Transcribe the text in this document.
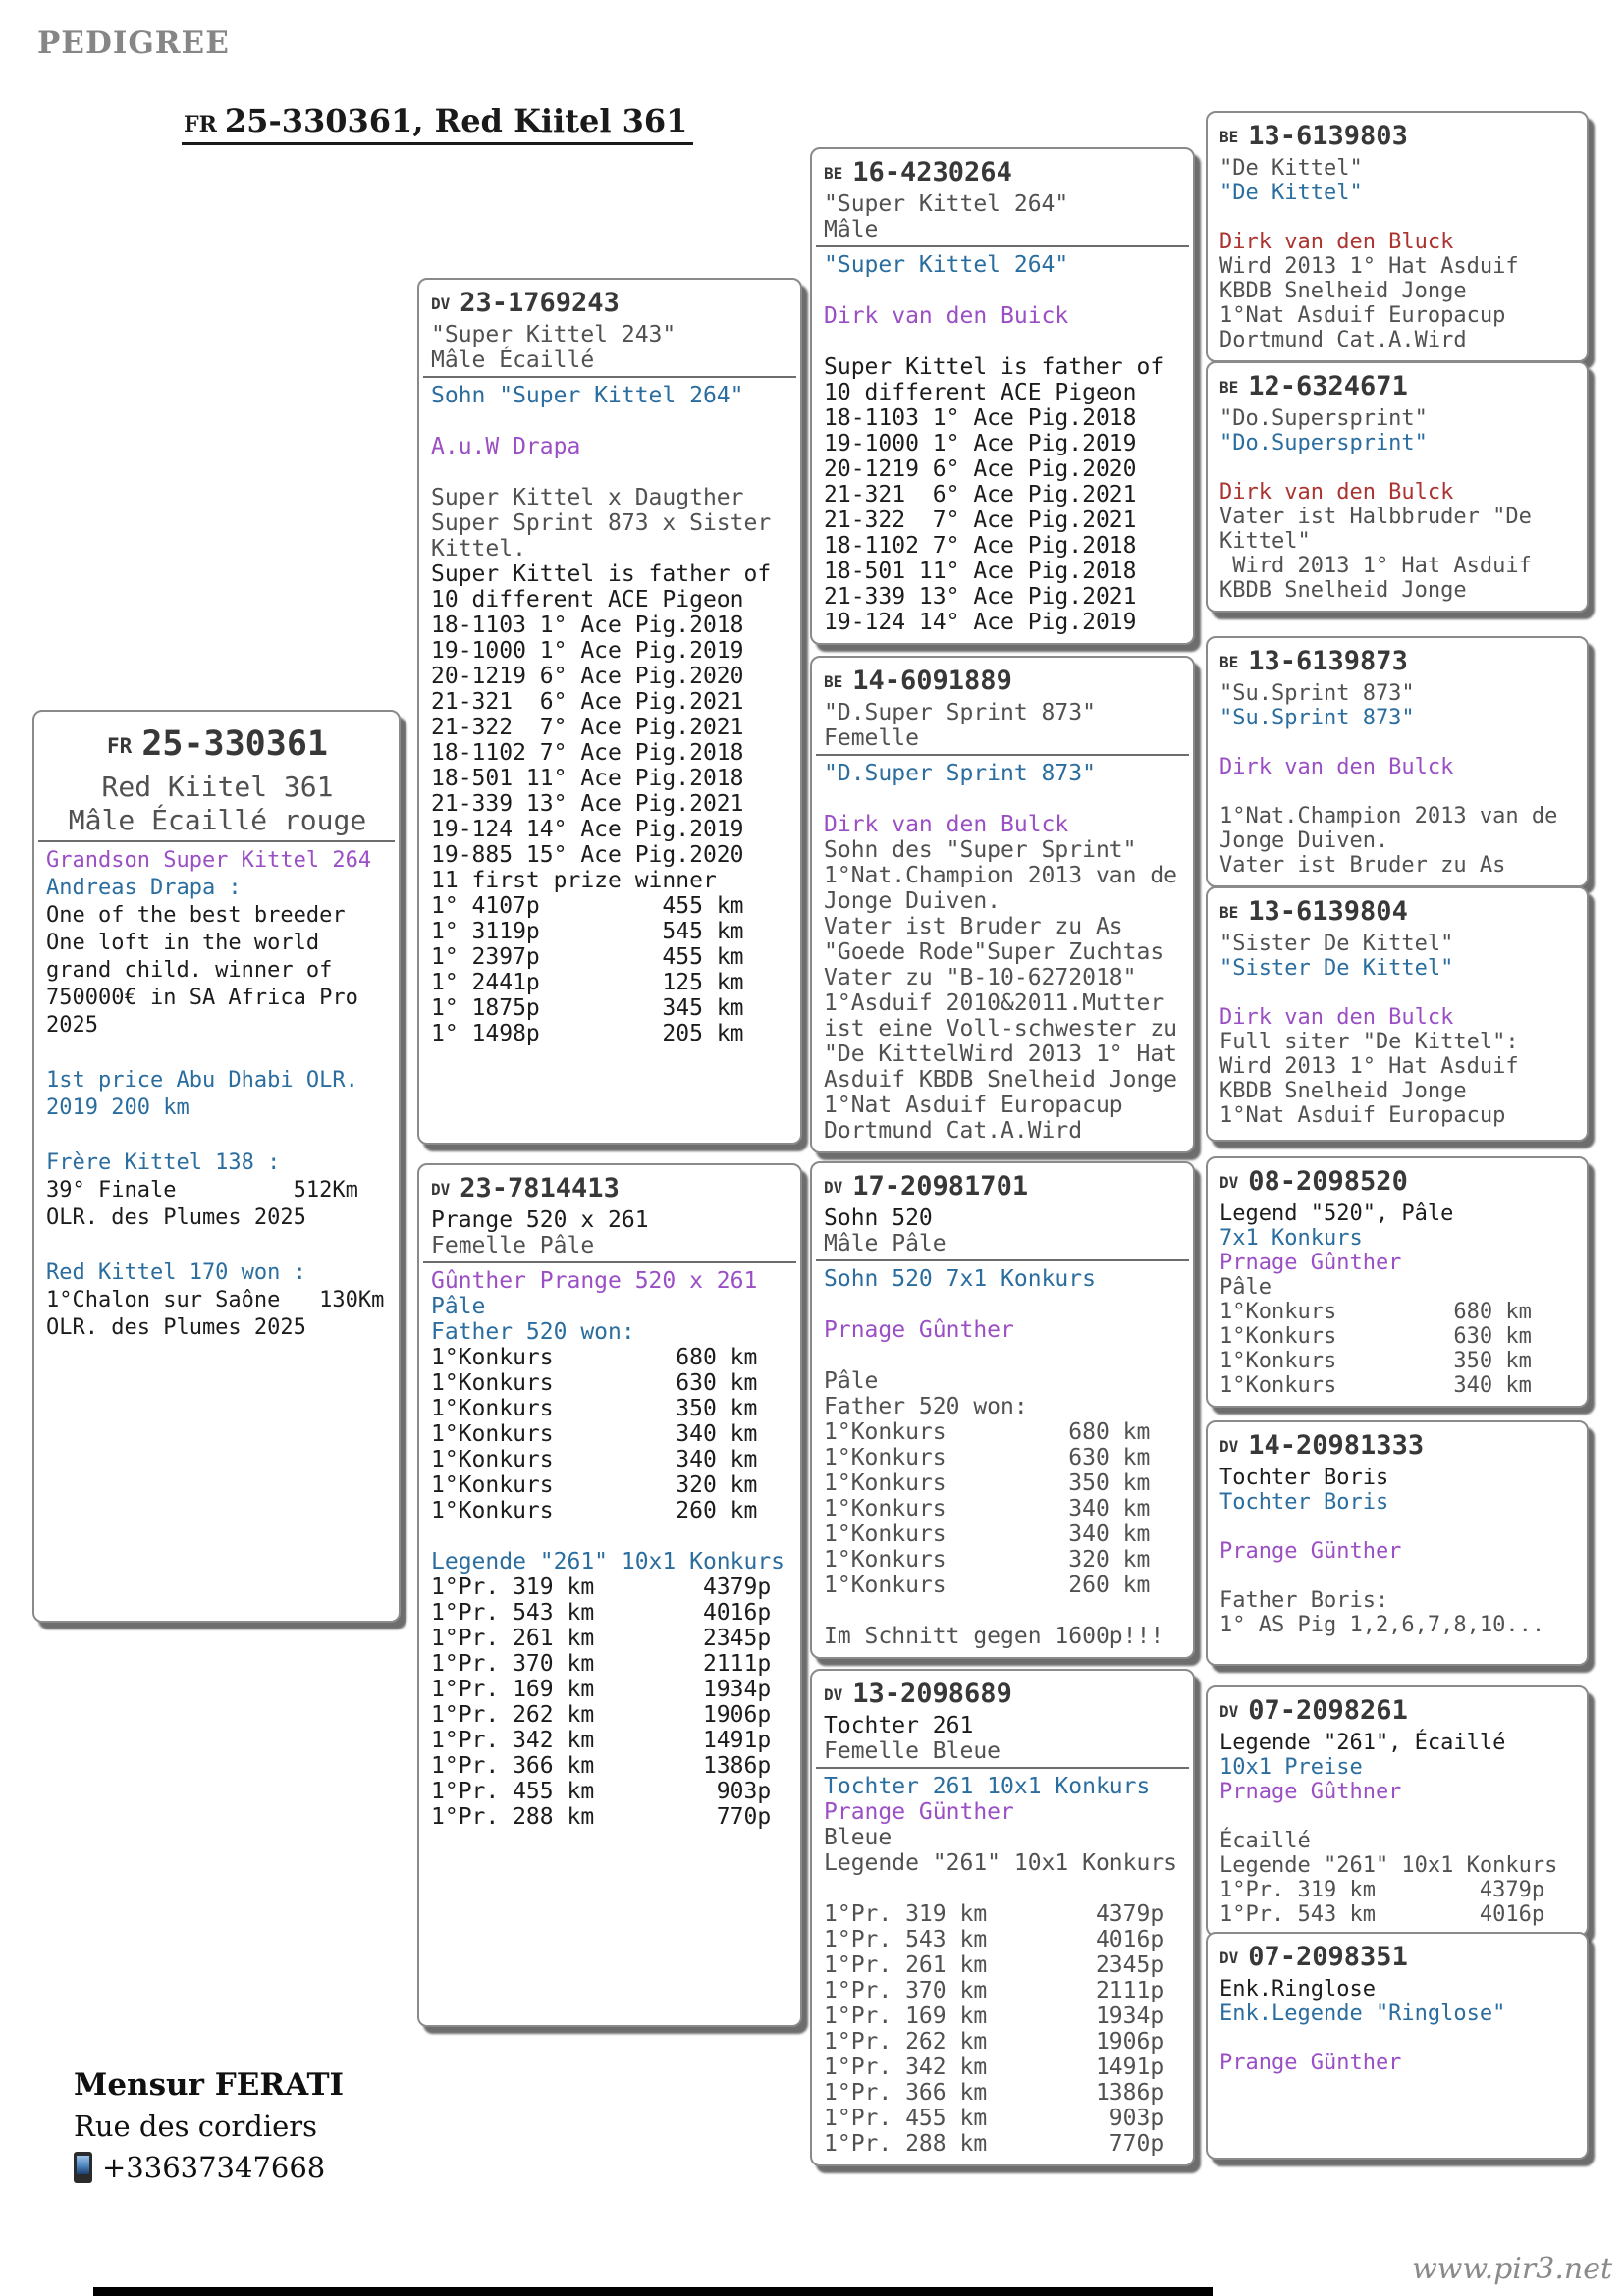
PEDIGREE
FR 25-330361, Red Kiitel 361
FR 25-330361
Red Kiitel 361
Mâle Écaillé rouge
Grandson Super Kittel 264
Andreas Drapa :
One of the best breeder
One loft in the world
grand child. winner of
750000€ in SA Africa Pro
2025

1st price Abu Dhabi OLR.
2019 200 km

Frère Kittel 138 :
39° Finale         512Km
OLR. des Plumes 2025

Red Kittel 170 won :
1°Chalon sur Saône   130Km
OLR. des Plumes 2025
DV 23-1769243
"Super Kittel 243"
Mâle Écaillé
Sohn "Super Kittel 264"

A.u.W Drapa

Super Kittel x Daugther
Super Sprint 873 x Sister
Kittel.
Super Kittel is father of
10 different ACE Pigeon
18-1103 1° Ace Pig.2018
19-1000 1° Ace Pig.2019
20-1219 6° Ace Pig.2020
21-321  6° Ace Pig.2021
21-322  7° Ace Pig.2021
18-1102 7° Ace Pig.2018
18-501 11° Ace Pig.2018
21-339 13° Ace Pig.2021
19-124 14° Ace Pig.2019
19-885 15° Ace Pig.2020
11 first prize winner
1° 4107p         455 km
1° 3119p         545 km
1° 2397p         455 km
1° 2441p         125 km
1° 1875p         345 km
1° 1498p         205 km
DV 23-7814413
Prange 520 x 261
Femelle Pâle
Gûnther Prange 520 x 261
Pâle
Father 520 won:
1°Konkurs         680 km
1°Konkurs         630 km
1°Konkurs         350 km
1°Konkurs         340 km
1°Konkurs         340 km
1°Konkurs         320 km
1°Konkurs         260 km

Legende "261" 10x1 Konkurs
1°Pr. 319 km        4379p
1°Pr. 543 km        4016p
1°Pr. 261 km        2345p
1°Pr. 370 km        2111p
1°Pr. 169 km        1934p
1°Pr. 262 km        1906p
1°Pr. 342 km        1491p
1°Pr. 366 km        1386p
1°Pr. 455 km         903p
1°Pr. 288 km         770p
BE 16-4230264
"Super Kittel 264"
Mâle
"Super Kittel 264"

Dirk van den Buick

Super Kittel is father of
10 different ACE Pigeon
18-1103 1° Ace Pig.2018
19-1000 1° Ace Pig.2019
20-1219 6° Ace Pig.2020
21-321  6° Ace Pig.2021
21-322  7° Ace Pig.2021
18-1102 7° Ace Pig.2018
18-501 11° Ace Pig.2018
21-339 13° Ace Pig.2021
19-124 14° Ace Pig.2019
BE 14-6091889
"D.Super Sprint 873"
Femelle
"D.Super Sprint 873"

Dirk van den Bulck
Sohn des "Super Sprint"
1°Nat.Champion 2013 van de
Jonge Duiven.
Vater ist Bruder zu As
"Goede Rode"Super Zuchtas
Vater zu "B-10-6272018"
1°Asduif 2010&2011.Mutter
ist eine Voll-schwester zu
"De KittelWird 2013 1° Hat
Asduif KBDB Snelheid Jonge
1°Nat Asduif Europacup
Dortmund Cat.A.Wird
DV 17-20981701
Sohn 520
Mâle Pâle
Sohn 520 7x1 Konkurs

Prnage Gûnther

Pâle
Father 520 won:
1°Konkurs         680 km
1°Konkurs         630 km
1°Konkurs         350 km
1°Konkurs         340 km
1°Konkurs         340 km
1°Konkurs         320 km
1°Konkurs         260 km

Im Schnitt gegen 1600p!!!
DV 13-2098689
Tochter 261
Femelle Bleue
Tochter 261 10x1 Konkurs
Prange Günther
Bleue
Legende "261" 10x1 Konkurs

1°Pr. 319 km        4379p
1°Pr. 543 km        4016p
1°Pr. 261 km        2345p
1°Pr. 370 km        2111p
1°Pr. 169 km        1934p
1°Pr. 262 km        1906p
1°Pr. 342 km        1491p
1°Pr. 366 km        1386p
1°Pr. 455 km         903p
1°Pr. 288 km         770p
BE 13-6139803
"De Kittel"
"De Kittel"

Dirk van den Bluck
Wird 2013 1° Hat Asduif
KBDB Snelheid Jonge
1°Nat Asduif Europacup
Dortmund Cat.A.Wird
BE 12-6324671
"Do.Supersprint"
"Do.Supersprint"

Dirk van den Bulck
Vater ist Halbbruder "De
Kittel"
Wird 2013 1° Hat Asduif
KBDB Snelheid Jonge
BE 13-6139873
"Su.Sprint 873"
"Su.Sprint 873"

Dirk van den Bulck

1°Nat.Champion 2013 van de
Jonge Duiven.
Vater ist Bruder zu As
BE 13-6139804
"Sister De Kittel"
"Sister De Kittel"

Dirk van den Bulck
Full siter "De Kittel":
Wird 2013 1° Hat Asduif
KBDB Snelheid Jonge
1°Nat Asduif Europacup
DV 08-2098520
Legend "520", Pâle
7x1 Konkurs
Prnage Gûnther
Pâle
1°Konkurs         680 km
1°Konkurs         630 km
1°Konkurs         350 km
1°Konkurs         340 km
DV 14-20981333
Tochter Boris
Tochter Boris

Prange Günther

Father Boris:
1° AS Pig 1,2,6,7,8,10...
DV 07-2098261
Legende "261", Écaillé
10x1 Preise
Prnage Gûthner

Écaillé
Legende "261" 10x1 Konkurs
1°Pr. 319 km        4379p
1°Pr. 543 km        4016p
DV 07-2098351
Enk.Ringlose
Enk.Legende "Ringlose"

Prange Günther
Mensur FERATI
Rue des cordiers
+33637347668
www.pir3.net
